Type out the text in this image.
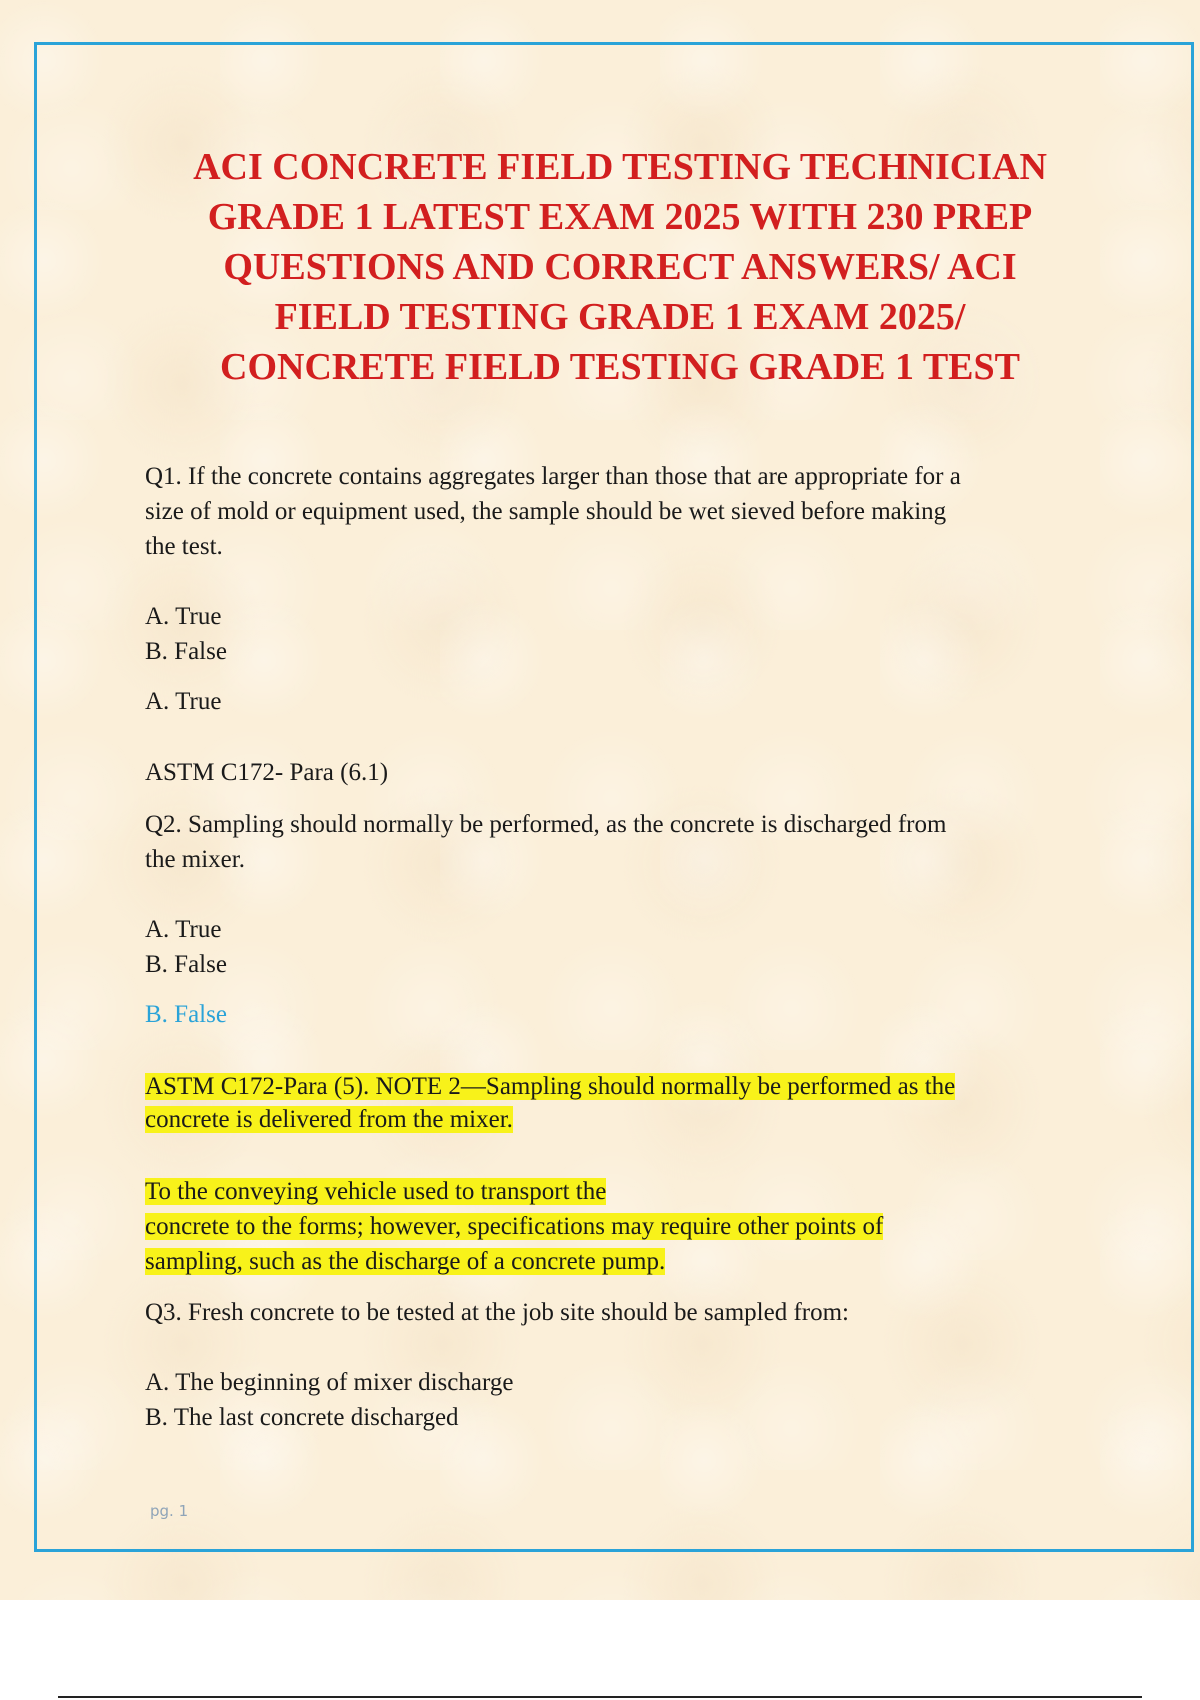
ACI CONCRETE FIELD TESTING TECHNICIAN
GRADE 1 LATEST EXAM 2025 WITH 230 PREP
QUESTIONS AND CORRECT ANSWERS/ ACI
FIELD TESTING GRADE 1 EXAM 2025/
CONCRETE FIELD TESTING GRADE 1 TEST
Q1. If the concrete contains aggregates larger than those that are appropriate for a
size of mold or equipment used, the sample should be wet sieved before making
the test.
A. True
B. False
A. True
ASTM C172- Para (6.1)
Q2. Sampling should normally be performed, as the concrete is discharged from
the mixer.
A. True
B. False
B. False
ASTM C172-Para (5). NOTE 2—Sampling should normally be performed as the
concrete is delivered from the mixer.
To the conveying vehicle used to transport the
concrete to the forms; however, specifications may require other points of
sampling, such as the discharge of a concrete pump.
Q3. Fresh concrete to be tested at the job site should be sampled from:
A. The beginning of mixer discharge
B. The last concrete discharged
pg. 1
